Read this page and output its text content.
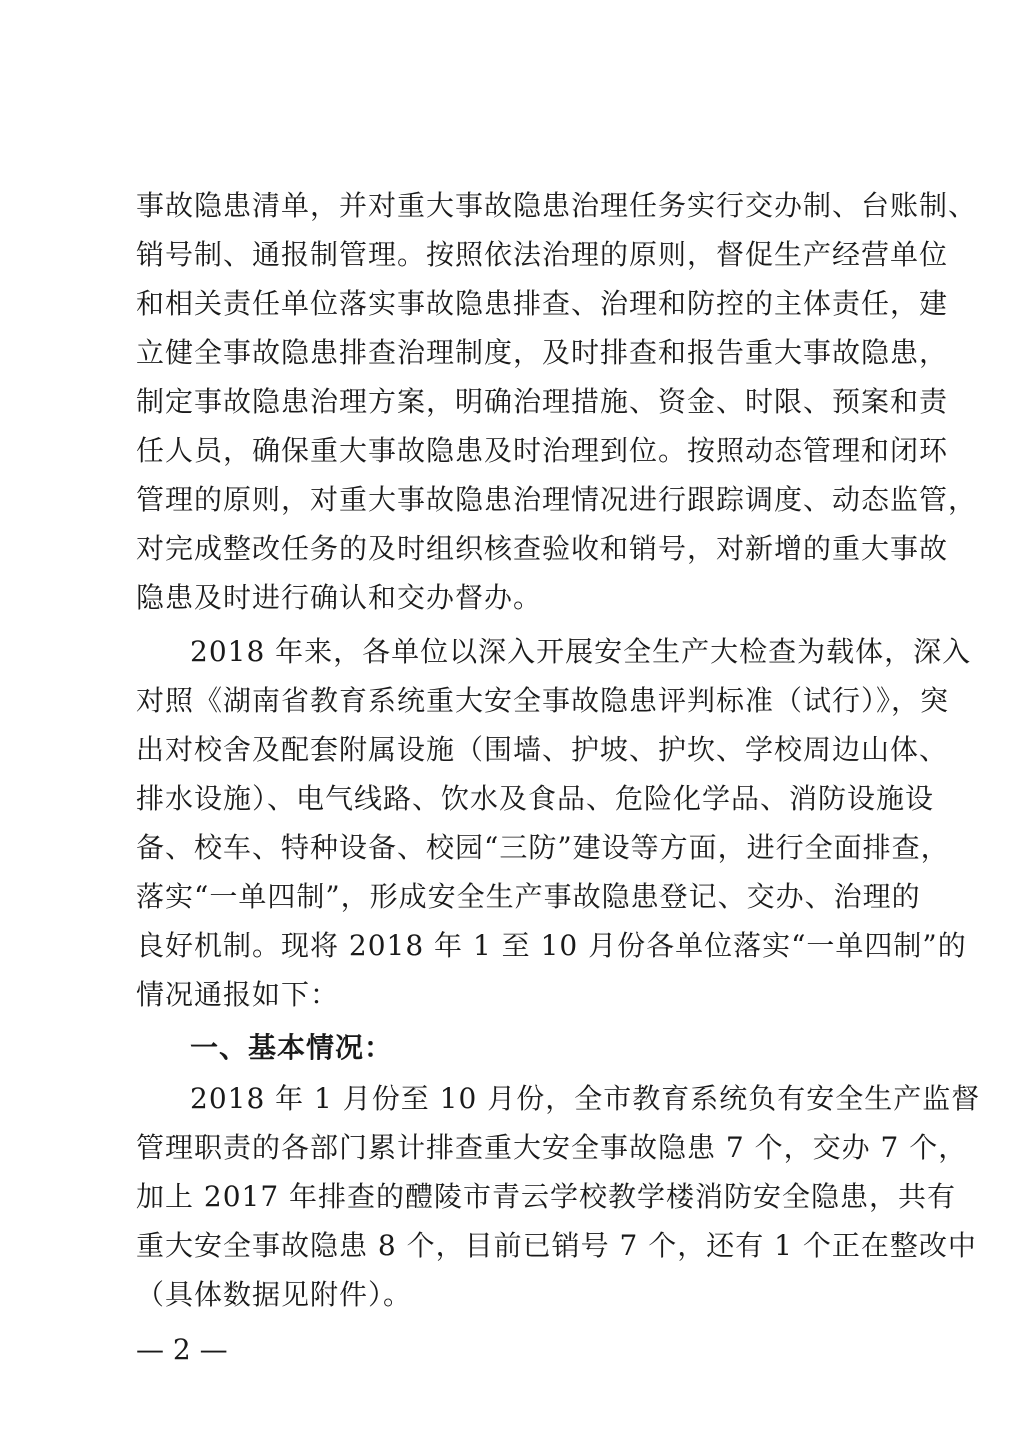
事故隐患清单，并对重大事故隐患治理任务实行交办制、台账制、
销号制、通报制管理。按照依法治理的原则，督促生产经营单位
和相关责任单位落实事故隐患排查、治理和防控的主体责任，建
立健全事故隐患排查治理制度，及时排查和报告重大事故隐患，
制定事故隐患治理方案，明确治理措施、资金、时限、预案和责
任人员，确保重大事故隐患及时治理到位。按照动态管理和闭环
管理的原则，对重大事故隐患治理情况进行跟踪调度、动态监管，
对完成整改任务的及时组织核查验收和销号，对新增的重大事故
隐患及时进行确认和交办督办。
2018 年来，各单位以深入开展安全生产大检查为载体，深入
对照《湖南省教育系统重大安全事故隐患评判标准（试行）》，突
出对校舍及配套附属设施（围墙、护坡、护坎、学校周边山体、
排水设施）、电气线路、饮水及食品、危险化学品、消防设施设
备、校车、特种设备、校园“三防”建设等方面，进行全面排查，
落实“一单四制”，形成安全生产事故隐患登记、交办、治理的
良好机制。现将 2018 年 1 至 10 月份各单位落实“一单四制”的
情况通报如下：
一、基本情况：
2018 年 1 月份至 10 月份，全市教育系统负有安全生产监督
管理职责的各部门累计排查重大安全事故隐患 7 个，交办 7 个，
加上 2017 年排查的醴陵市青云学校教学楼消防安全隐患，共有
重大安全事故隐患 8 个，目前已销号 7 个，还有 1 个正在整改中
（具体数据见附件）。
— 2 —
